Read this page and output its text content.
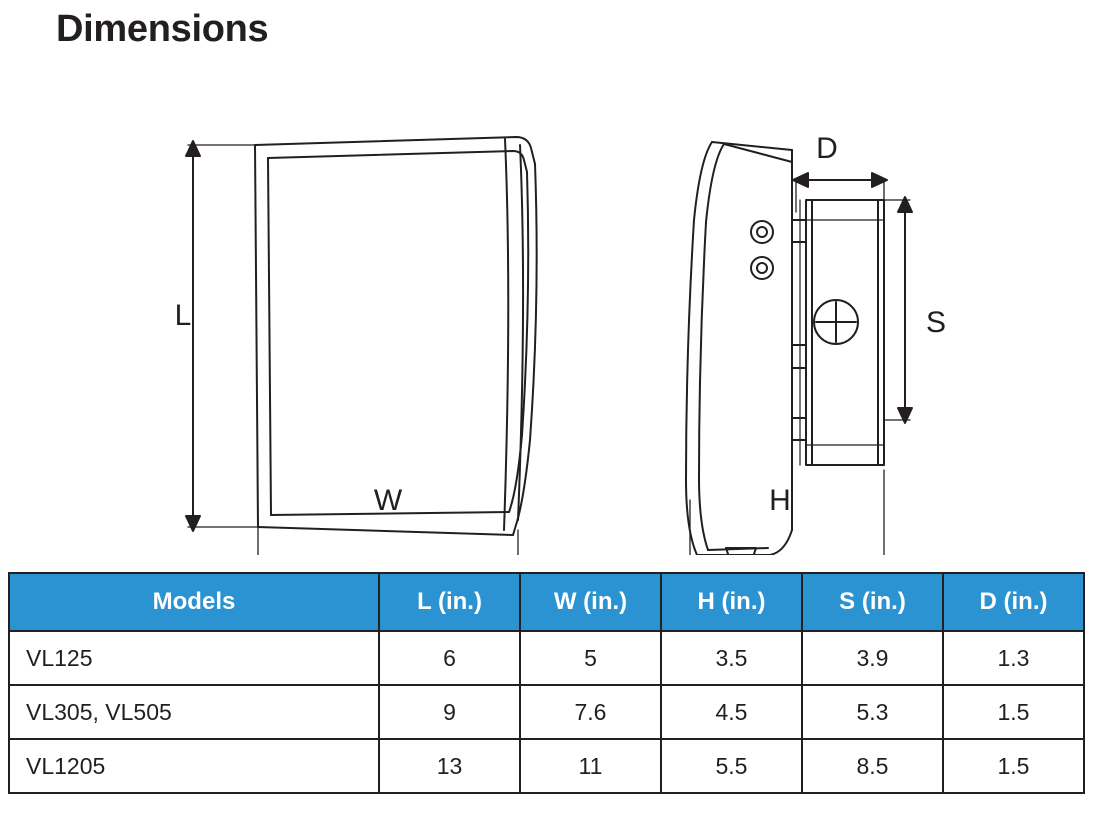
Dimensions
L
W
D
S
H
Models	L (in.)	W (in.)	H (in.)	S (in.)	D (in.)
VL125	6	5	3.5	3.9	1.3
VL305, VL505	9	7.6	4.5	5.3	1.5
VL1205	13	11	5.5	8.5	1.5
